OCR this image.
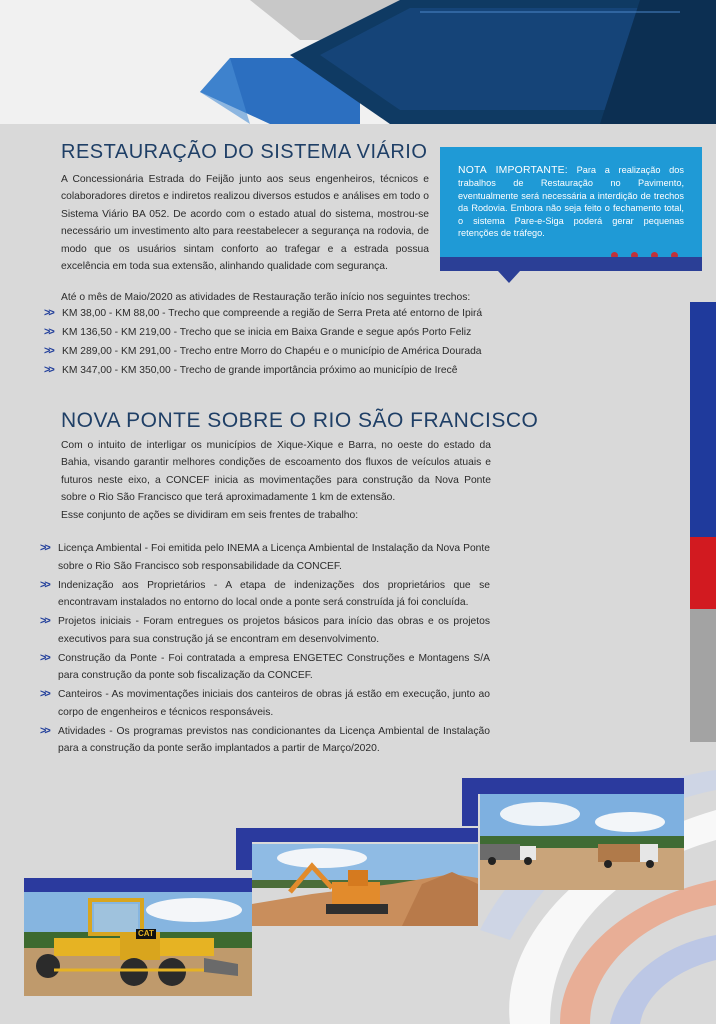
RESTAURAÇÃO DO SISTEMA VIÁRIO

A Concessionária Estrada do Feijão junto aos seus engenheiros, técnicos e colaboradores diretos e indiretos realizou diversos estudos e análises em todo o Sistema Viário BA 052. De acordo com o estado atual do sistema, mostrou-se necessário um investimento alto para reestabelecer a segurança na rodovia, de modo que os usuários sintam conforto ao trafegar e a estrada possua excelência em toda sua extensão, alinhando qualidade com segurança.

Até o mês de Maio/2020 as atividades de Restauração terão início nos seguintes trechos:

>> KM 38,00 - KM 88,00 - Trecho que compreende a região de Serra Preta até entorno de Ipirá
>> KM 136,50 - KM 219,00 - Trecho que se inicia em Baixa Grande e segue após Porto Feliz
>> KM 289,00 - KM 291,00 - Trecho entre Morro do Chapéu e o município de América Dourada
>> KM 347,00 - KM 350,00 - Trecho de grande importância próximo ao município de Irecê

NOTA IMPORTANTE: Para a realização dos trabalhos de Restauração no Pavimento, eventualmente será necessária a interdição de trechos da Rodovia. Embora não seja feito o fechamento total, o sistema Pare-e-Siga poderá gerar pequenas retenções de tráfego.

NOVA PONTE SOBRE O RIO SÃO FRANCISCO

Com o intuito de interligar os municípios de Xique-Xique e Barra, no oeste do estado da Bahia, visando garantir melhores condições de escoamento dos fluxos de veículos atuais e futuros neste eixo, a CONCEF inicia as movimentações para construção da Nova Ponte sobre o Rio São Francisco que terá aproximadamente 1 km de extensão.

Esse conjunto de ações se dividiram em seis frentes de trabalho:

>> Licença Ambiental - Foi emitida pelo INEMA a Licença Ambiental de Instalação da Nova Ponte sobre o Rio São Francisco sob responsabilidade da CONCEF.
>> Indenização aos Proprietários - A etapa de indenizações dos proprietários que se encontravam instalados no entorno do local onde a ponte será construída já foi concluída.
>> Projetos iniciais - Foram entregues os projetos básicos para início das obras e os projetos executivos para sua construção já se encontram em desenvolvimento.
>> Construção da Ponte - Foi contratada a empresa ENGETEC Construções e Montagens S/A para construção da ponte sob fiscalização da CONCEF.
>> Canteiros - As movimentações iniciais dos canteiros de obras já estão em execução, junto ao corpo de engenheiros e técnicos responsáveis.
>> Atividades - Os programas previstos nas condicionantes da Licença Ambiental de Instalação para a construção da ponte serão implantados a partir de Março/2020.
CAT
